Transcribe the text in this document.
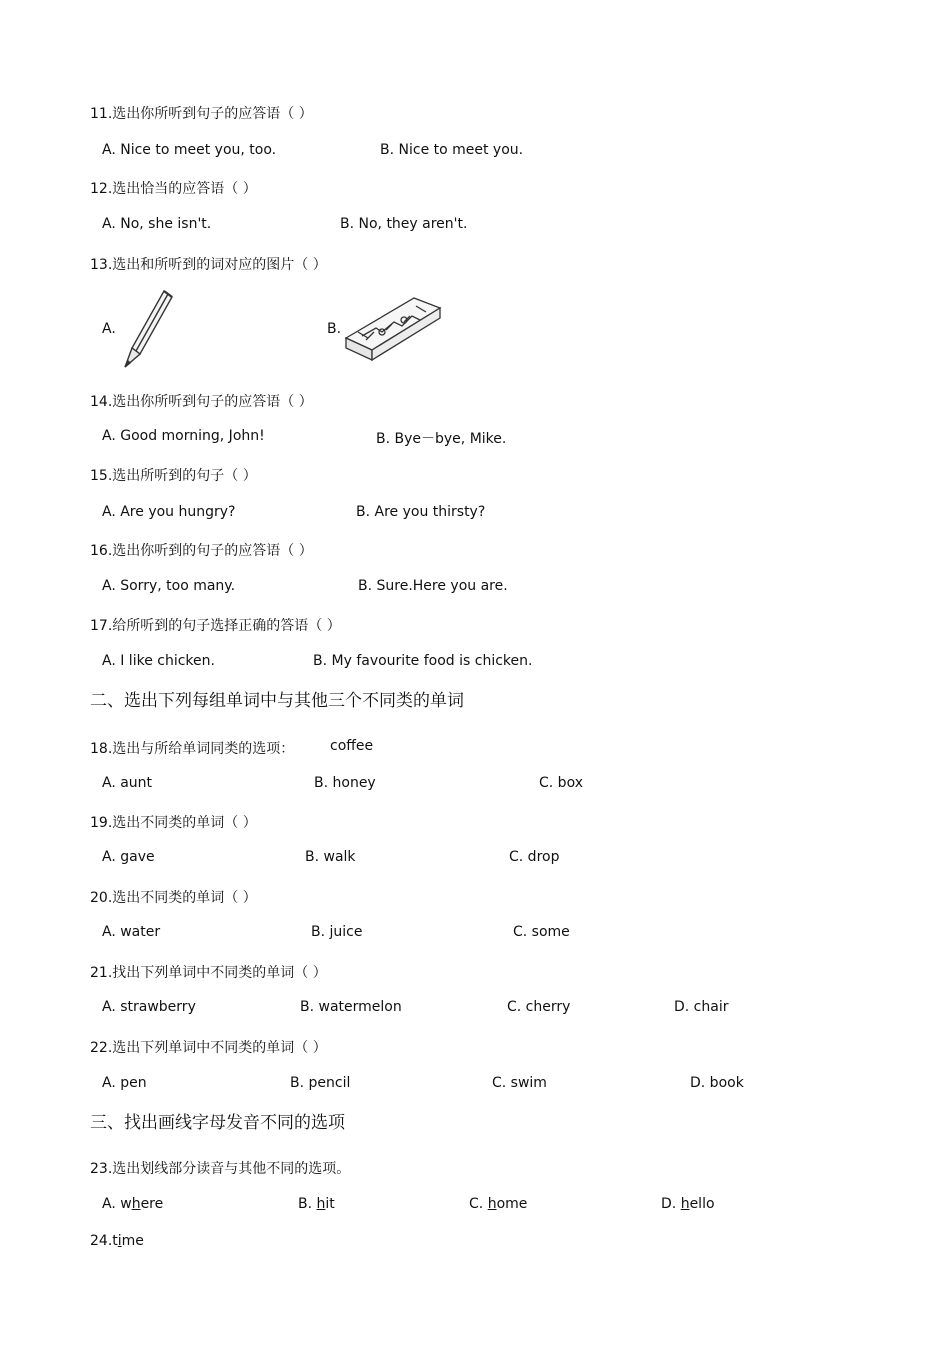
11.选出你所听到句子的应答语（ ）
A. Nice to meet you, too.	B. Nice to meet you.
12.选出恰当的应答语（ ）
A. No, she isn't.	B. No, they aren't.
13.选出和所听到的词对应的图片（ ）
A.	B.
14.选出你所听到句子的应答语（ ）
A. Good morning, John!	B. Bye－bye, Mike.
15.选出所听到的句子（ ）
A. Are you hungry?	B. Are you thirsty?
16.选出你听到的句子的应答语（ ）
A. Sorry, too many.	B. Sure.Here you are.
17.给所听到的句子选择正确的答语（ ）
A. I like chicken.	B. My favourite food is chicken.
二、选出下列每组单词中与其他三个不同类的单词
18.选出与所给单词同类的选项：	coffee
A. aunt	B. honey	C. box
19.选出不同类的单词（ ）
A. gave	B. walk	C. drop
20.选出不同类的单词（ ）
A. water	B. juice	C. some
21.找出下列单词中不同类的单词（ ）
A. strawberry	B. watermelon	C. cherry	D. chair
22.选出下列单词中不同类的单词（ ）
A. pen	B. pencil	C. swim	D. book
三、找出画线字母发音不同的选项
23.选出划线部分读音与其他不同的选项。
A. where	B. hit	C. home	D. hello
24.time
